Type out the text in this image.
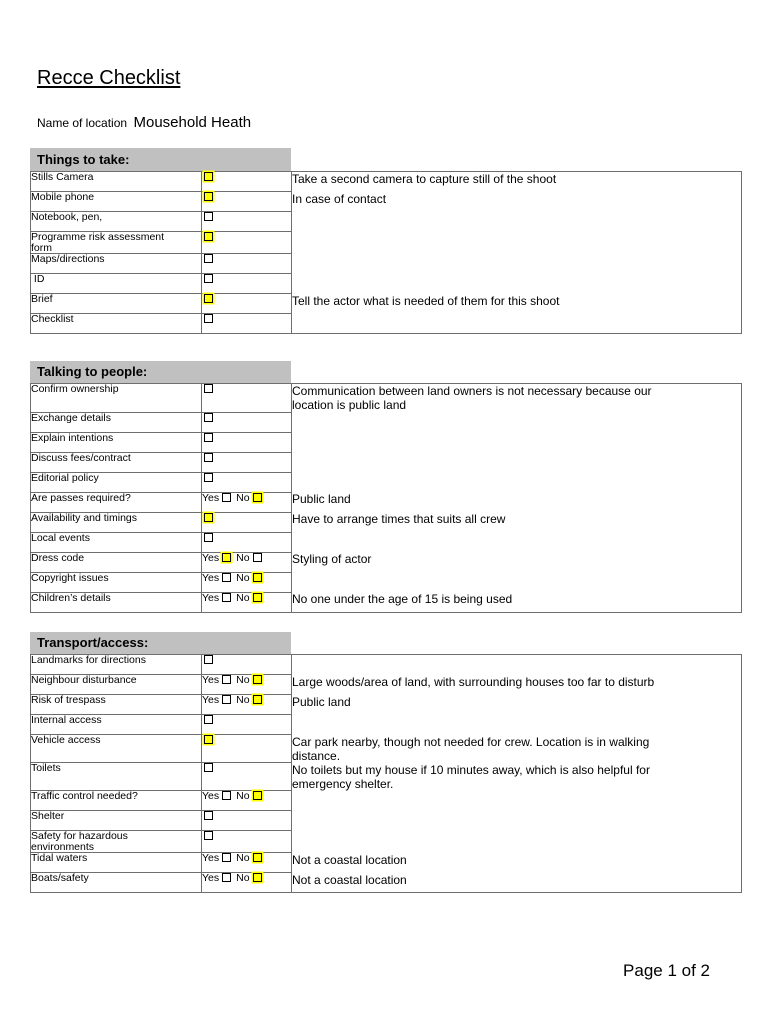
Recce Checklist
Name of location Mousehold Heath
Things to take:
Stills Camera		Take a second camera to capture still of the shoot
Mobile phone		In case of contact
Notebook, pen,		
Programme risk assessment
form		
Maps/directions		
ID		
Brief		Tell the actor what is needed of them for this shoot
Checklist		
Talking to people:
Confirm ownership		Communication between land owners is not necessary because our
location is public land
Exchange details		
Explain intentions		
Discuss fees/contract		
Editorial policy		
Are passes required?	Yes No	Public land
Availability and timings		Have to arrange times that suits all crew
Local events		
Dress code	Yes No	Styling of actor
Copyright issues	Yes No	
Children’s details	Yes No	No one under the age of 15 is being used
Transport/access:
Landmarks for directions		
Neighbour disturbance	Yes No	Large woods/area of land, with surrounding houses too far to disturb
Risk of trespass	Yes No	Public land
Internal access		
Vehicle access		Car park nearby, though not needed for crew. Location is in walking
distance.
Toilets		No toilets but my house if 10 minutes away, which is also helpful for
emergency shelter.
Traffic control needed?	Yes No	
Shelter		
Safety for hazardous
environments		
Tidal waters	Yes No	Not a coastal location
Boats/safety	Yes No	Not a coastal location
Page 1 of 2
